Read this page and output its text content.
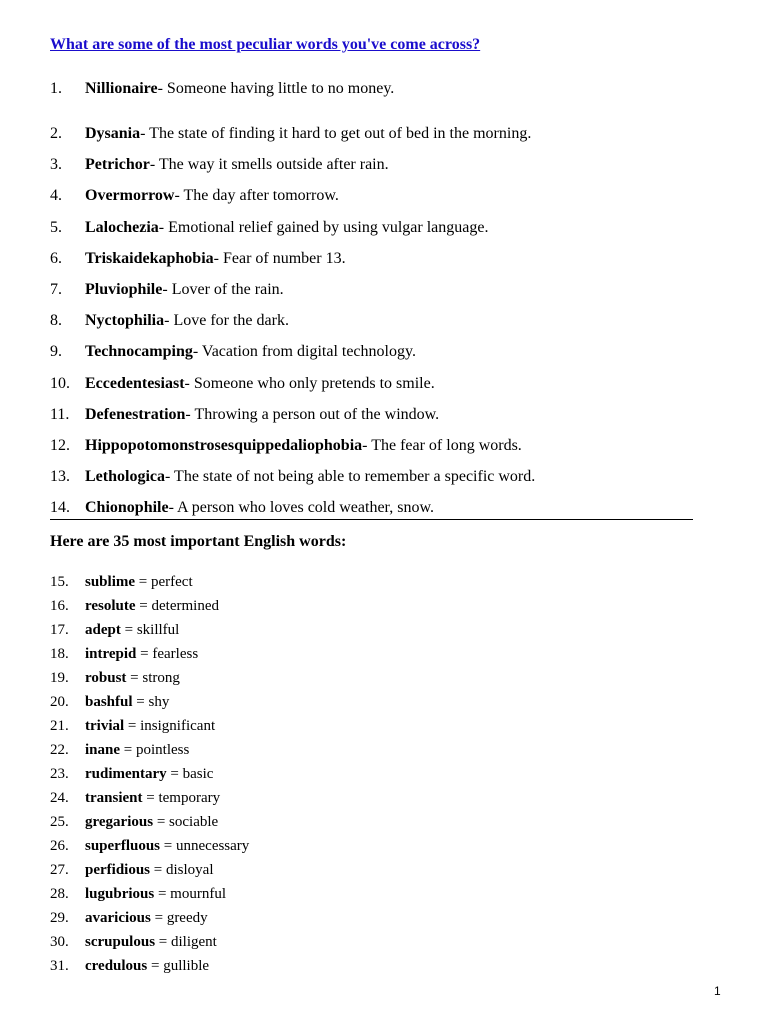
What are some of the most peculiar words you've come across?
1.	Nillionaire- Someone having little to no money.
2.	Dysania- The state of finding it hard to get out of bed in the morning.
3.	Petrichor- The way it smells outside after rain.
4.	Overmorrow- The day after tomorrow.
5.	Lalochezia- Emotional relief gained by using vulgar language.
6.	Triskaidekaphobia- Fear of number 13.
7.	Pluviophile- Lover of the rain.
8.	Nyctophilia- Love for the dark.
9.	Technocamping- Vacation from digital technology.
10. Eccedentesiast- Someone who only pretends to smile.
11. Defenestration- Throwing a person out of the window.
12. Hippopotomonstrosesquippedaliophobia- The fear of long words.
13. Lethologica- The state of not being able to remember a specific word.
14. Chionophile- A person who loves cold weather, snow.
Here are 35 most important English words:
15.	sublime = perfect
16.	resolute = determined
17.	adept = skillful
18.	intrepid = fearless
19.	robust = strong
20.	bashful = shy
21.	trivial = insignificant
22.	inane = pointless
23.	rudimentary = basic
24.	transient = temporary
25.	gregarious = sociable
26.	superfluous = unnecessary
27.	perfidious = disloyal
28.	lugubrious = mournful
29.	avaricious = greedy
30.	scrupulous = diligent
31.	credulous = gullible
1
